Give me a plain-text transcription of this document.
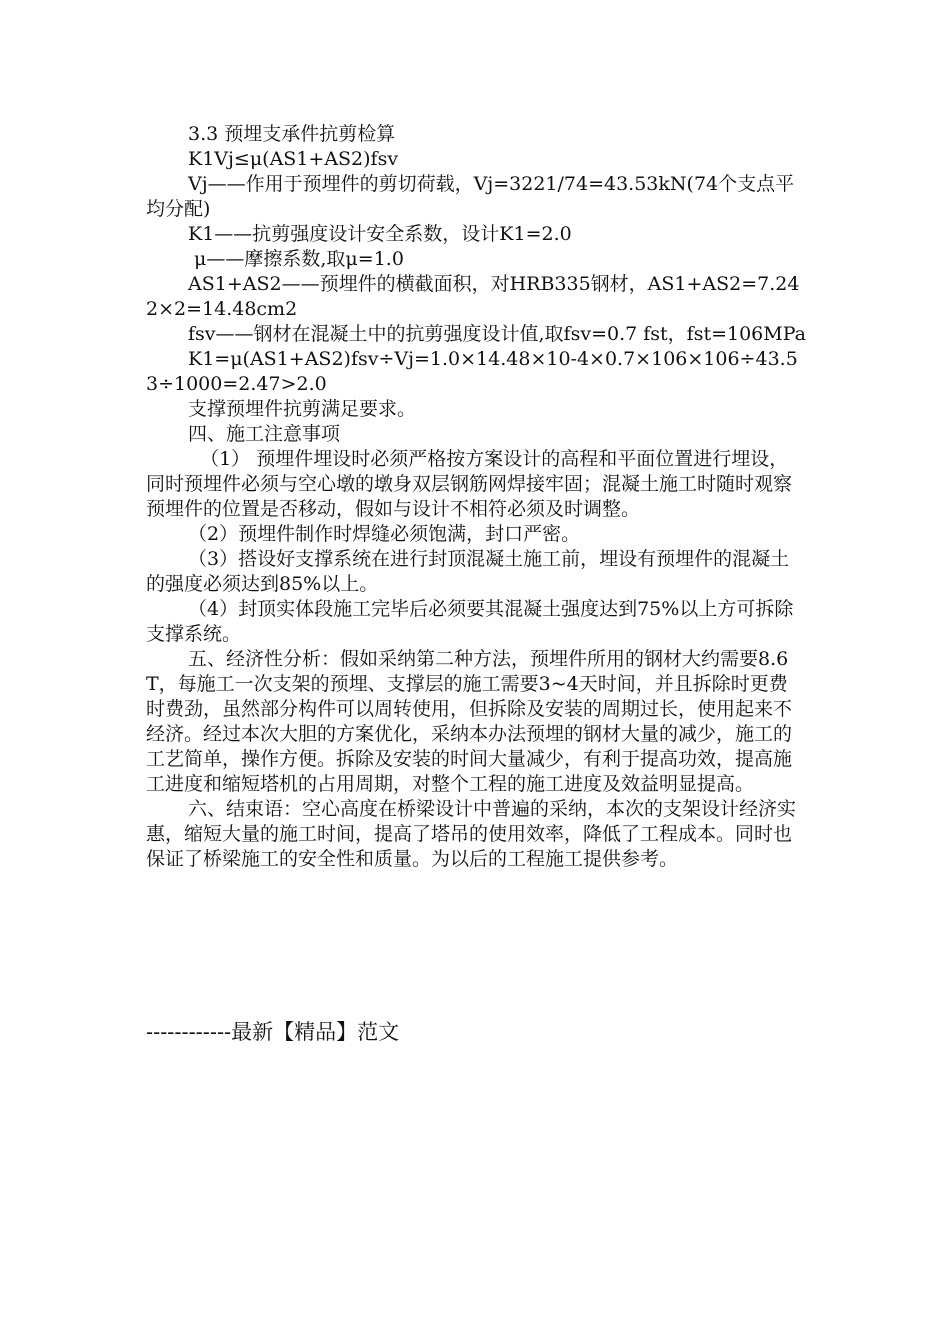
3.3 预埋支承件抗剪检算

K1Vj≤μ(AS1+AS2)fsv

Vj——作用于预埋件的剪切荷载，Vj=3221/74=43.53kN(74个支点平均分配)

K1——抗剪强度设计安全系数，设计K1=2.0

μ——摩擦系数,取μ=1.0

AS1+AS2——预埋件的横截面积，对HRB335钢材，AS1+AS2=7.242×2=14.48cm2

fsv——钢材在混凝土中的抗剪强度设计值,取fsv=0.7 fst，fst=106MPa

K1=μ(AS1+AS2)fsv÷Vj=1.0×14.48×10-4×0.7×106×106÷43.53÷1000=2.47>2.0

支撑预埋件抗剪满足要求。

四、施工注意事项

（1） 预埋件埋设时必须严格按方案设计的高程和平面位置进行埋设，同时预埋件必须与空心墩的墩身双层钢筋网焊接牢固；混凝土施工时随时观察预埋件的位置是否移动，假如与设计不相符必须及时调整。

（2）预埋件制作时焊缝必须饱满，封口严密。

（3）搭设好支撑系统在进行封顶混凝土施工前，埋设有预埋件的混凝土的强度必须达到85%以上。

（4）封顶实体段施工完毕后必须要其混凝土强度达到75%以上方可拆除支撑系统。

五、经济性分析：假如采纳第二种方法，预埋件所用的钢材大约需要8.6T，每施工一次支架的预埋、支撑层的施工需要3~4天时间，并且拆除时更费时费劲，虽然部分构件可以周转使用，但拆除及安装的周期过长，使用起来不经济。经过本次大胆的方案优化，采纳本办法预埋的钢材大量的减少，施工的工艺简单，操作方便。拆除及安装的时间大量减少，有利于提高功效，提高施工进度和缩短塔机的占用周期，对整个工程的施工进度及效益明显提高。

六、结束语：空心高度在桥梁设计中普遍的采纳，本次的支架设计经济实惠，缩短大量的施工时间，提高了塔吊的使用效率，降低了工程成本。同时也保证了桥梁施工的安全性和质量。为以后的工程施工提供参考。

------------最新【精品】范文
